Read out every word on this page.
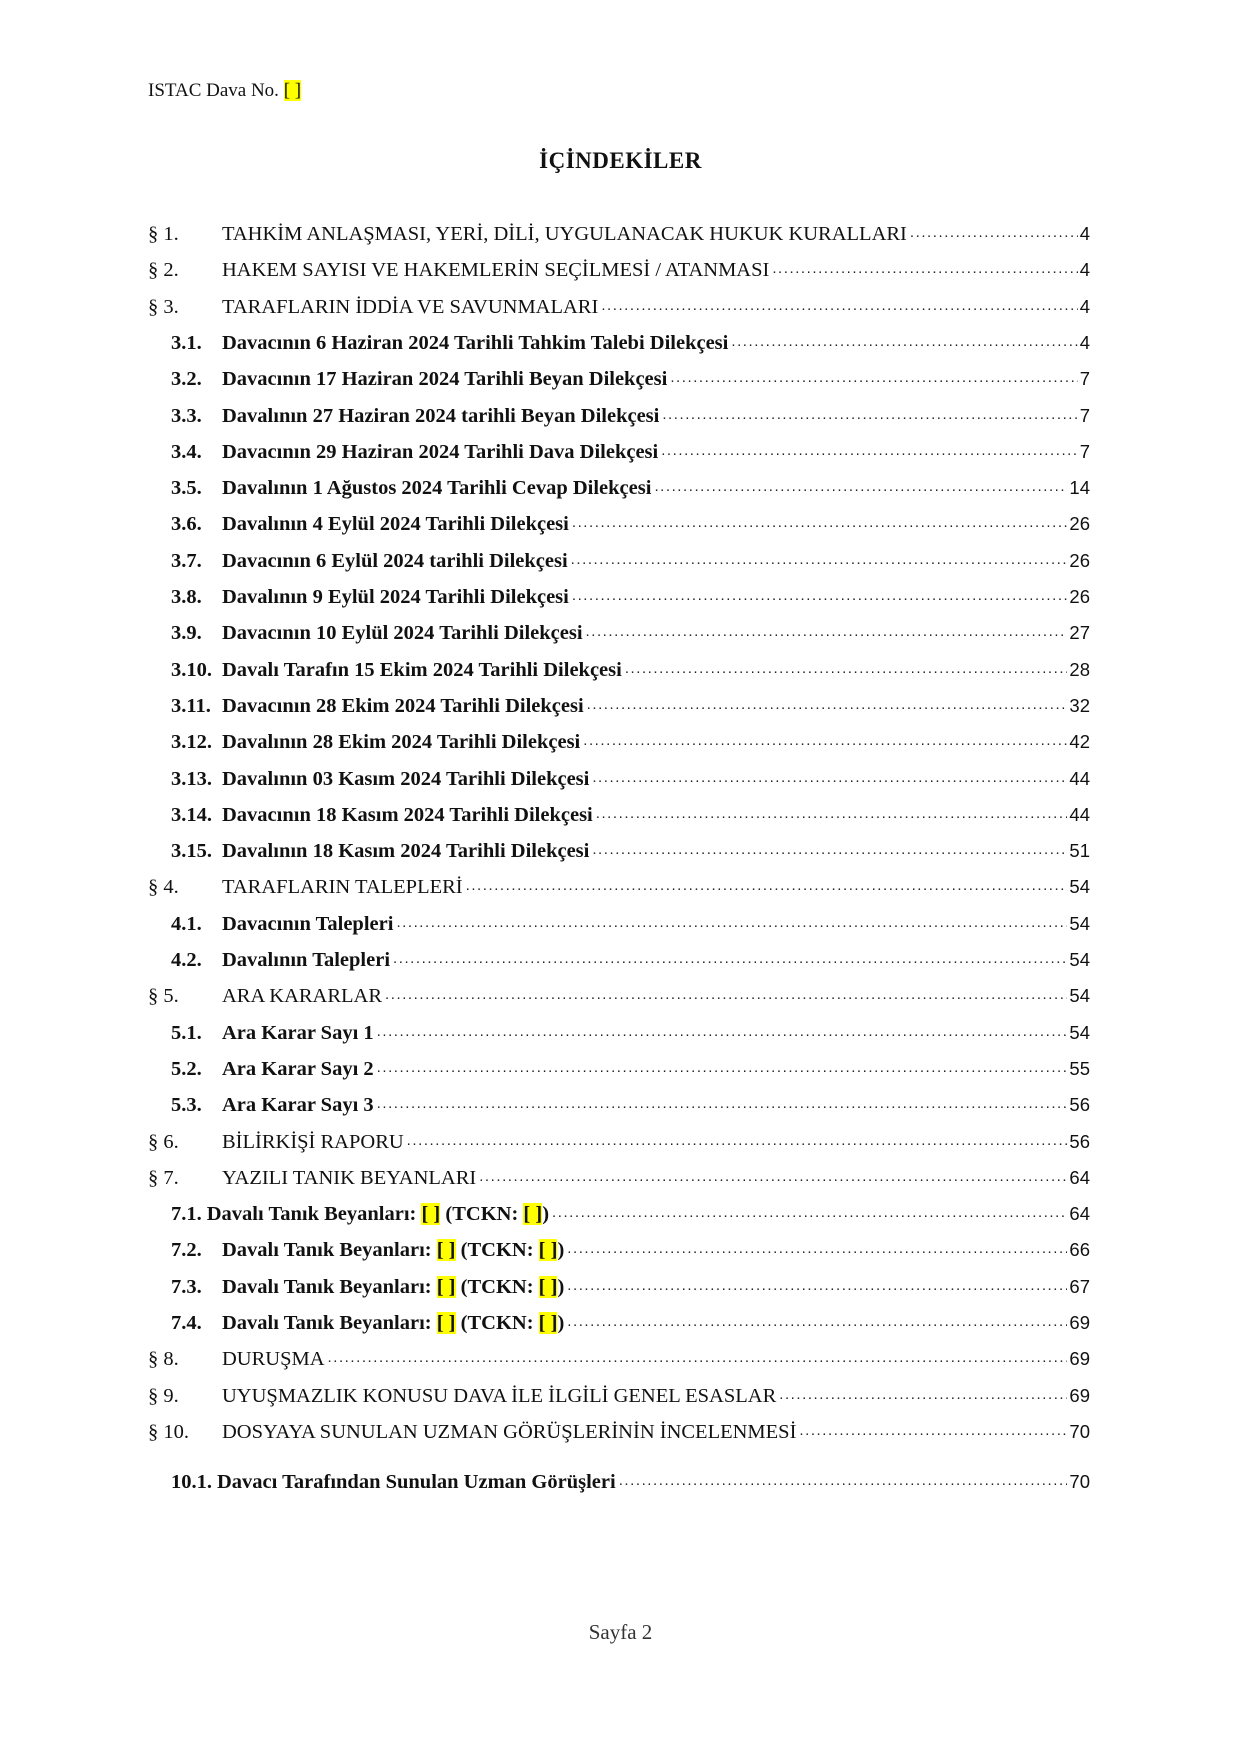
ISTAC Dava No. [ ]
İÇİNDEKİLER
§ 1.	TAHKİM ANLAŞMASI, YERİ, DİLİ, UYGULANACAK HUKUK KURALLARI .....	4
§ 2.	HAKEM SAYISI VE HAKEMLERİN SEÇİLMESİ / ATANMASI .....	4
§ 3.	TARAFLARIN İDDİA VE SAVUNMALARI .....	4
3.1. Davacının 6 Haziran 2024 Tarihli Tahkim Talebi Dilekçesi .....	4
3.2. Davacının 17 Haziran 2024 Tarihli Beyan Dilekçesi .....	7
3.3. Davalının 27 Haziran 2024 tarihli Beyan Dilekçesi .....	7
3.4. Davacının 29 Haziran 2024 Tarihli Dava Dilekçesi .....	7
3.5. Davalının 1 Ağustos 2024 Tarihli Cevap Dilekçesi .....	14
3.6. Davalının 4 Eylül 2024 Tarihli Dilekçesi .....	26
3.7. Davacının 6 Eylül 2024 tarihli Dilekçesi .....	26
3.8. Davalının 9 Eylül 2024 Tarihli Dilekçesi .....	26
3.9. Davacının 10 Eylül 2024 Tarihli Dilekçesi .....	27
3.10. Davalı Tarafın 15 Ekim 2024 Tarihli Dilekçesi .....	28
3.11. Davacının 28 Ekim 2024 Tarihli Dilekçesi .....	32
3.12. Davalının 28 Ekim 2024 Tarihli Dilekçesi .....	42
3.13. Davalının 03 Kasım 2024 Tarihli Dilekçesi .....	44
3.14. Davacının 18 Kasım 2024 Tarihli Dilekçesi .....	44
3.15. Davalının 18 Kasım 2024 Tarihli Dilekçesi .....	51
§ 4.	TARAFLARIN TALEPLERİ .....	54
4.1. Davacının Talepleri .....	54
4.2. Davalının Talepleri .....	54
§ 5.	ARA KARARLAR .....	54
5.1. Ara Karar Sayı 1 .....	54
5.2. Ara Karar Sayı 2 .....	55
5.3. Ara Karar Sayı 3 .....	56
§ 6.	BİLİRKİŞİ RAPORU .....	56
§ 7.	YAZILI TANIK BEYANLARI .....	64
7.1. Davalı Tanık Beyanları: [ ] (TCKN: [ ]) .....	64
7.2. Davalı Tanık Beyanları: [ ] (TCKN: [ ]) .....	66
7.3. Davalı Tanık Beyanları: [ ] (TCKN: [ ]) .....	67
7.4. Davalı Tanık Beyanları: [ ] (TCKN: [ ]) .....	69
§ 8.	DURUŞMA .....	69
§ 9.	UYUŞMAZLIK KONUSU DAVA İLE İLGİLİ GENEL ESASLAR .....	69
§ 10.	DOSYAYA SUNULAN UZMAN GÖRÜŞLERİNİN İNCELENMESİ .....	70
10.1. Davacı Tarafından Sunulan Uzman Görüşleri .....	70
Sayfa 2
